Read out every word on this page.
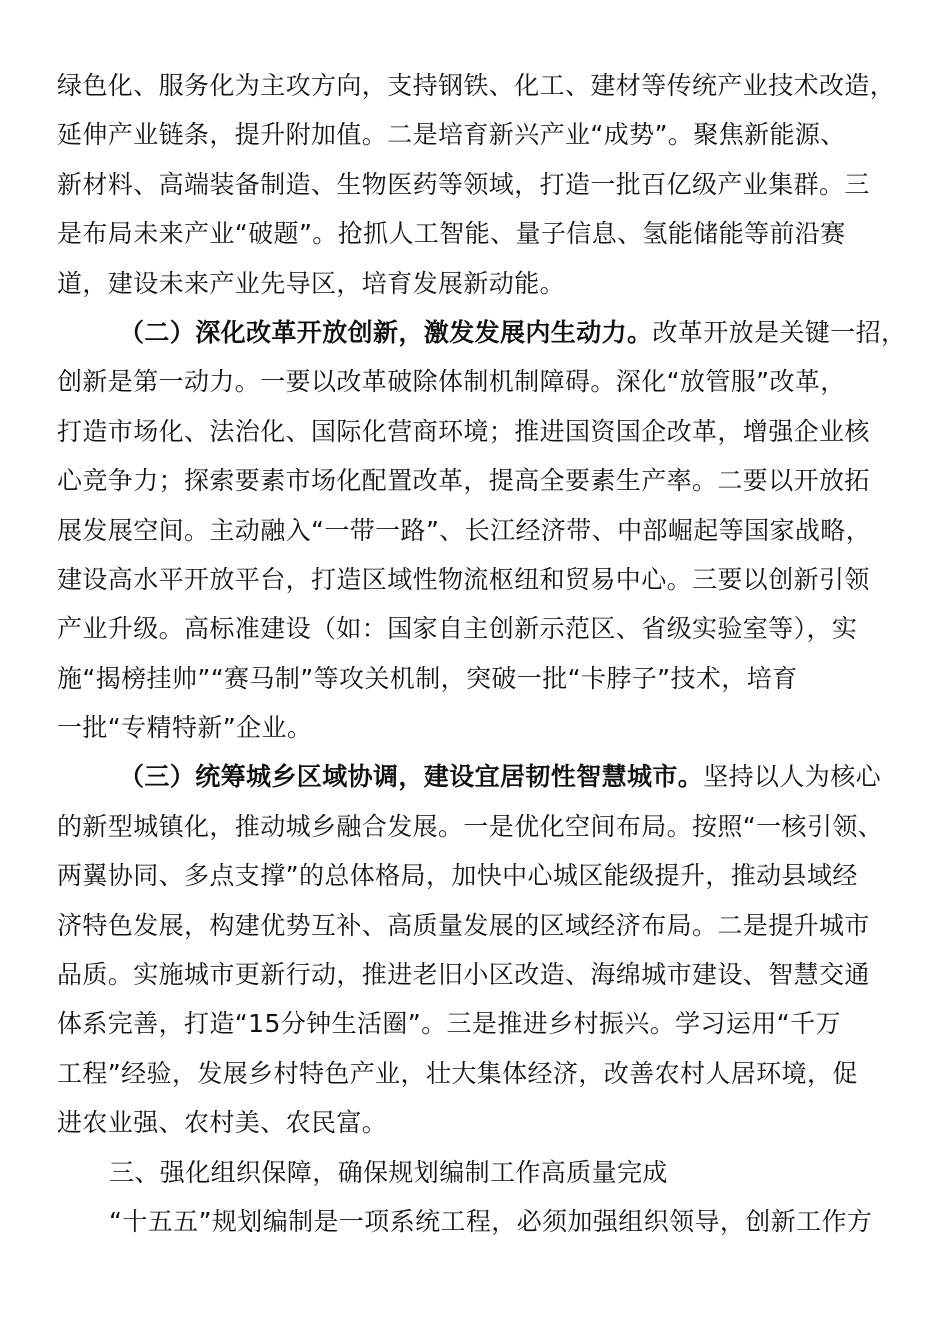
绿色化、服务化为主攻方向，支持钢铁、化工、建材等传统产业技术改造，
延伸产业链条，提升附加值。二是培育新兴产业“成势”。聚焦新能源、
新材料、高端装备制造、生物医药等领域，打造一批百亿级产业集群。三
是布局未来产业“破题”。抢抓人工智能、量子信息、氢能储能等前沿赛
道，建设未来产业先导区，培育发展新动能。
（二）深化改革开放创新，激发发展内生动力。改革开放是关键一招，
创新是第一动力。一要以改革破除体制机制障碍。深化“放管服”改革，
打造市场化、法治化、国际化营商环境；推进国资国企改革，增强企业核
心竞争力；探索要素市场化配置改革，提高全要素生产率。二要以开放拓
展发展空间。主动融入“一带一路”、长江经济带、中部崛起等国家战略，
建设高水平开放平台，打造区域性物流枢纽和贸易中心。三要以创新引领
产业升级。高标准建设（如：国家自主创新示范区、省级实验室等），实
施“揭榜挂帅”“赛马制”等攻关机制，突破一批“卡脖子”技术，培育
一批“专精特新”企业。
（三）统筹城乡区域协调，建设宜居韧性智慧城市。坚持以人为核心
的新型城镇化，推动城乡融合发展。一是优化空间布局。按照“一核引领、
两翼协同、多点支撑”的总体格局，加快中心城区能级提升，推动县域经
济特色发展，构建优势互补、高质量发展的区域经济布局。二是提升城市
品质。实施城市更新行动，推进老旧小区改造、海绵城市建设、智慧交通
体系完善，打造“15分钟生活圈”。三是推进乡村振兴。学习运用“千万
工程”经验，发展乡村特色产业，壮大集体经济，改善农村人居环境，促
进农业强、农村美、农民富。
三、强化组织保障，确保规划编制工作高质量完成
“十五五”规划编制是一项系统工程，必须加强组织领导，创新工作方
